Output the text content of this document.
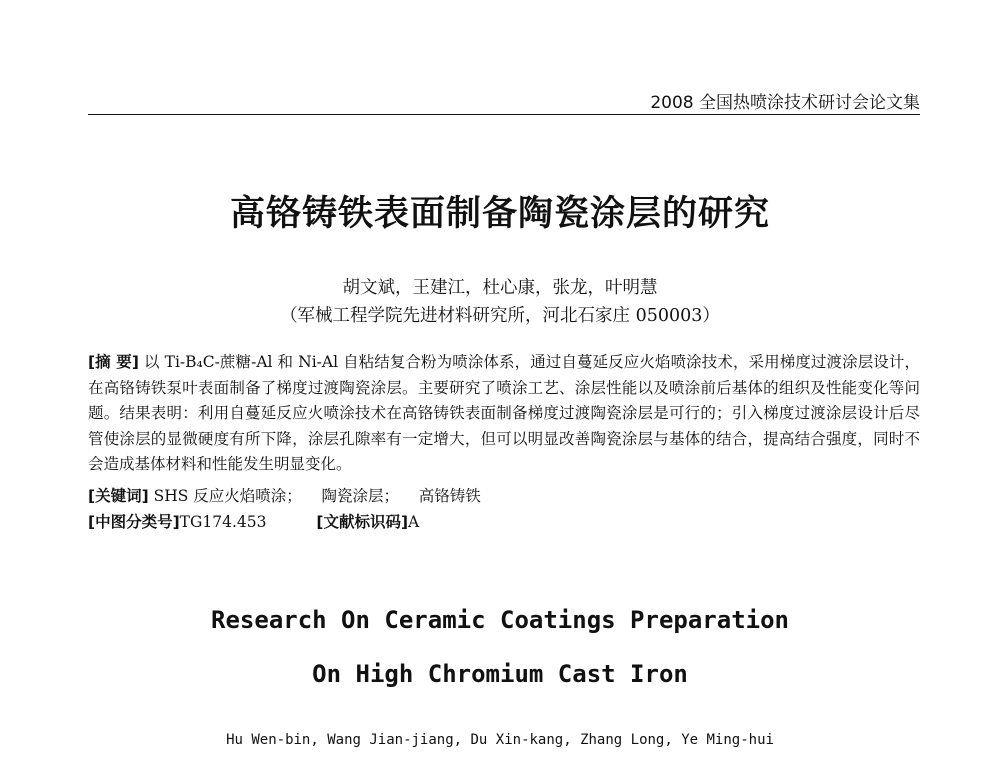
2008 全国热喷涂技术研讨会论文集
高铬铸铁表面制备陶瓷涂层的研究
胡文斌，王建江，杜心康，张龙，叶明慧
（军械工程学院先进材料研究所，河北石家庄 050003）
[摘 要] 以 Ti-B₄C-蔗糖-Al 和 Ni-Al 自粘结复合粉为喷涂体系，通过自蔓延反应火焰喷涂技术，采用梯度过渡涂层设计，在高铬铸铁泵叶表面制备了梯度过渡陶瓷涂层。主要研究了喷涂工艺、涂层性能以及喷涂前后基体的组织及性能变化等问题。结果表明：利用自蔓延反应火喷涂技术在高铬铸铁表面制备梯度过渡陶瓷涂层是可行的；引入梯度过渡涂层设计后尽管使涂层的显微硬度有所下降，涂层孔隙率有一定增大，但可以明显改善陶瓷涂层与基体的结合，提高结合强度，同时不会造成基体材料和性能发生明显变化。
[关键词] SHS 反应火焰喷涂； 陶瓷涂层； 高铬铸铁
[中图分类号]TG174.453	[文献标识码]A
Research On Ceramic Coatings Preparation
On High Chromium Cast Iron
Hu Wen-bin, Wang Jian-jiang, Du Xin-kang, Zhang Long, Ye Ming-hui
